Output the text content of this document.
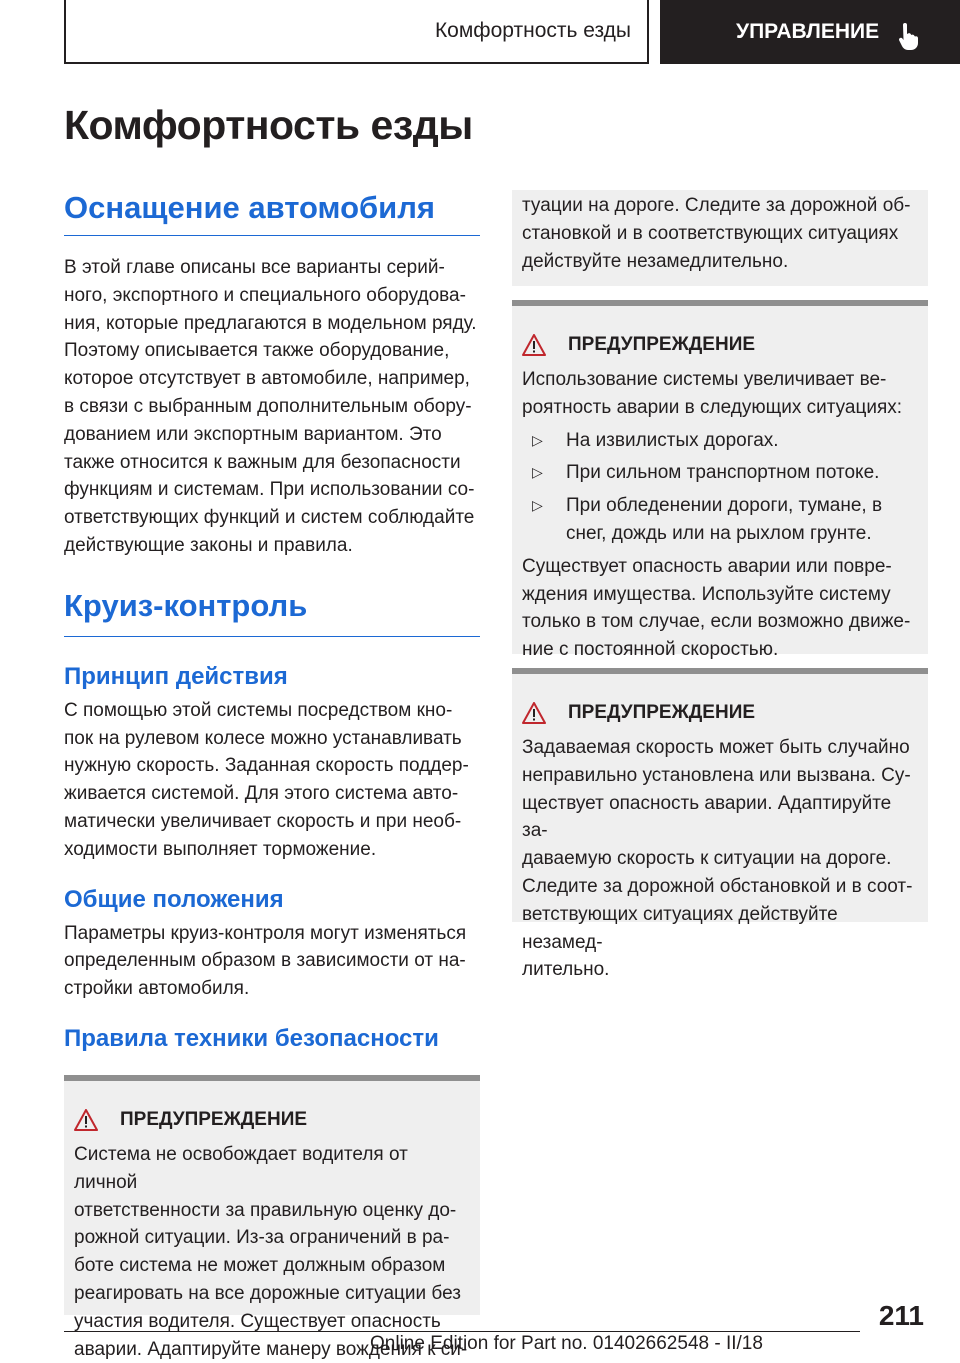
Комфортность езды	УПРАВЛЕНИЕ
Комфортность езды
Оснащение автомобиля

В этой главе описаны все варианты серий-
ного, экспортного и специального оборудова-
ния, которые предлагаются в модельном ряду.
Поэтому описывается также оборудование,
которое отсутствует в автомобиле, например,
в связи с выбранным дополнительным обору-
дованием или экспортным вариантом. Это
также относится к важным для безопасности
функциям и системам. При использовании со-
ответствующих функций и систем соблюдайте
действующие законы и правила.

Круиз-контроль
Принцип действия

С помощью этой системы посредством кно-
пок на рулевом колесе можно устанавливать
нужную скорость. Заданная скорость поддер-
живается системой. Для этого система авто-
матически увеличивает скорость и при необ-
ходимости выполняет торможение.

Общие положения

Параметры круиз-контроля могут изменяться
определенным образом в зависимости от на-
стройки автомобиля.

Правила техники безопасности
ПРЕДУПРЕЖДЕНИЕ

Система не освобождает водителя от личной
ответственности за правильную оценку до-
рожной ситуации. Из-за ограничений в ра-
боте система не может должным образом
реагировать на все дорожные ситуации без
участия водителя. Существует опасность
аварии. Адаптируйте манеру вождения к си-

туации на дороге. Следите за дорожной об-
становкой и в соответствующих ситуациях
действуйте незамедлительно.

ПРЕДУПРЕЖДЕНИЕ

Использование системы увеличивает ве-
роятность аварии в следующих ситуациях:

▷ На извилистых дорогах.
▷ При сильном транспортном потоке.
▷ При обледенении дороги, тумане, в
снег, дождь или на рыхлом грунте.

Существует опасность аварии или повре-
ждения имущества. Используйте систему
только в том случае, если возможно движе-
ние с постоянной скоростью.

ПРЕДУПРЕЖДЕНИЕ

Задаваемая скорость может быть случайно
неправильно установлена или вызвана. Су-
ществует опасность аварии. Адаптируйте за-
даваемую скорость к ситуации на дороге.
Следите за дорожной обстановкой и в соот-
ветствующих ситуациях действуйте незамед-
лительно.

211
Online Edition for Part no. 01402662548 - II/18
